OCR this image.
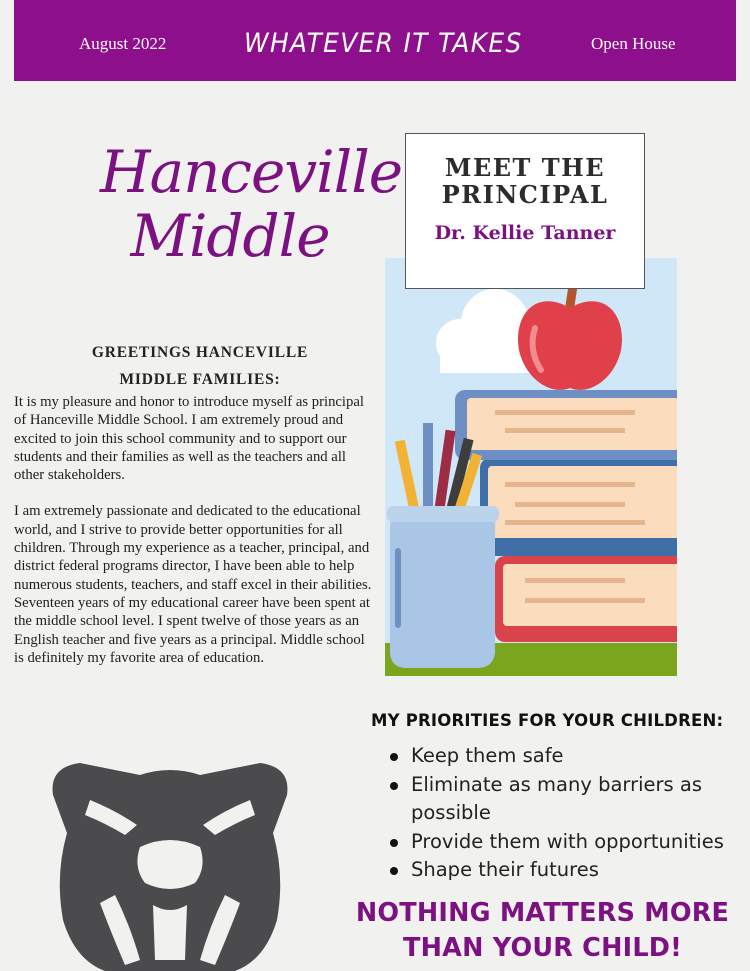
August 2022	WHATEVER IT TAKES	Open House
Hanceville
Middle
GREETINGS HANCEVILLE
MIDDLE FAMILIES:

It is my pleasure and honor to introduce myself as principal of Hanceville Middle School. I am extremely proud and excited to join this school community and to support our students and their families as well as the teachers and all other stakeholders.

I am extremely passionate and dedicated to the educational world, and I strive to provide better opportunities for all children. Through my experience as a teacher, principal, and district federal programs director, I have been able to help numerous students, teachers, and staff excel in their abilities. Seventeen years of my educational career have been spent at the middle school level. I spent twelve of those years as an English teacher and five years as a principal. Middle school is definitely my favorite area of education.

MEET THE
PRINCIPAL
Dr. Kellie Tanner
MY PRIORITIES FOR YOUR CHILDREN:
Keep them safe
Eliminate as many barriers as possible
Provide them with opportunities
Shape their futures
NOTHING MATTERS MORE
THAN YOUR CHILD!
